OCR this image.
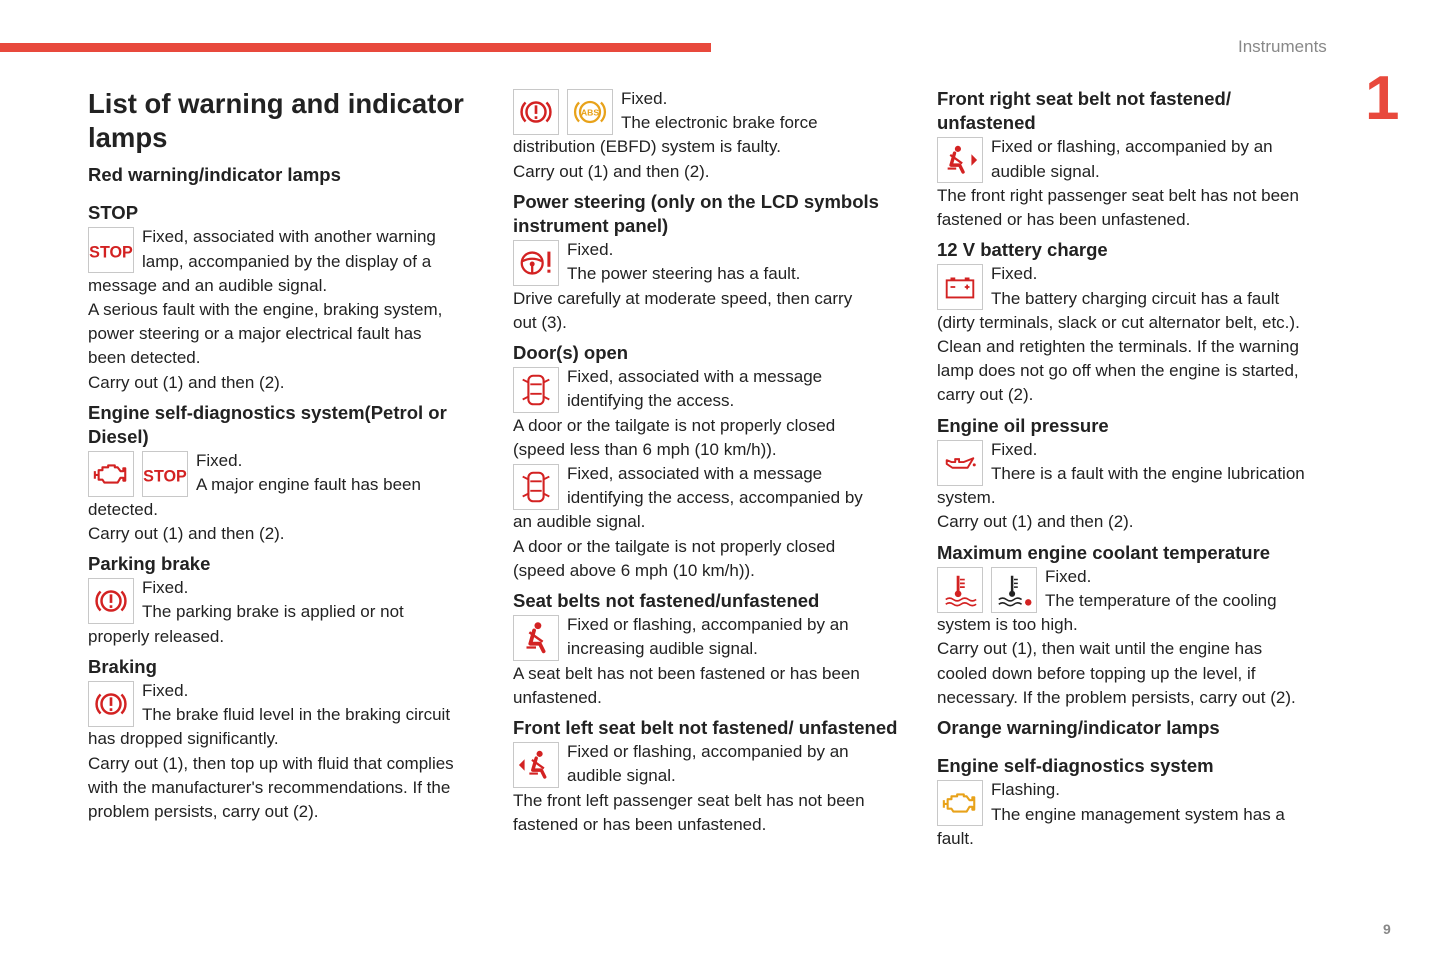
Instruments
1
List of warning and indicator lamps
Red warning/indicator lamps
STOP
STOP

Fixed, associated with another warning

lamp, accompanied by the display of a

message and an audible signal.

A serious fault with the engine, braking system,

power steering or a major electrical fault has

been detected.

Carry out (1) and then (2).

Engine self-diagnostics system(Petrol or Diesel)
STOP

Fixed.

A major engine fault has been

detected.

Carry out (1) and then (2).

Parking brake

Fixed.

The parking brake is applied or not

properly released.

Braking

Fixed.

The brake fluid level in the braking circuit

has dropped significantly.

Carry out (1), then top up with fluid that complies

with the manufacturer's recommendations. If the

problem persists, carry out (2).

ABS

Fixed.

The electronic brake force

distribution (EBFD) system is faulty.

Carry out (1) and then (2).

Power steering (only on the LCD symbols instrument panel)

Fixed.

The power steering has a fault.

Drive carefully at moderate speed, then carry

out (3).

Door(s) open

Fixed, associated with a message

identifying the access.

A door or the tailgate is not properly closed

(speed less than 6 mph (10 km/h)).

Fixed, associated with a message

identifying the access, accompanied by

an audible signal.

A door or the tailgate is not properly closed

(speed above 6 mph (10 km/h)).

Seat belts not fastened/unfastened

Fixed or flashing, accompanied by an

increasing audible signal.

A seat belt has not been fastened or has been

unfastened.

Front left seat belt not fastened/ unfastened

Fixed or flashing, accompanied by an

audible signal.

The front left passenger seat belt has not been

fastened or has been unfastened.

Front right seat belt not fastened/ unfastened

Fixed or flashing, accompanied by an

audible signal.

The front right passenger seat belt has not been

fastened or has been unfastened.

12 V battery charge

Fixed.

The battery charging circuit has a fault

(dirty terminals, slack or cut alternator belt, etc.).

Clean and retighten the terminals. If the warning

lamp does not go off when the engine is started,

carry out (2).

Engine oil pressure

Fixed.

There is a fault with the engine lubrication

system.

Carry out (1) and then (2).

Maximum engine coolant temperature

Fixed.

The temperature of the cooling

system is too high.

Carry out (1), then wait until the engine has

cooled down before topping up the level, if

necessary. If the problem persists, carry out (2).

Orange warning/indicator lamps
Engine self-diagnostics system

Flashing.

The engine management system has a

fault.

9
